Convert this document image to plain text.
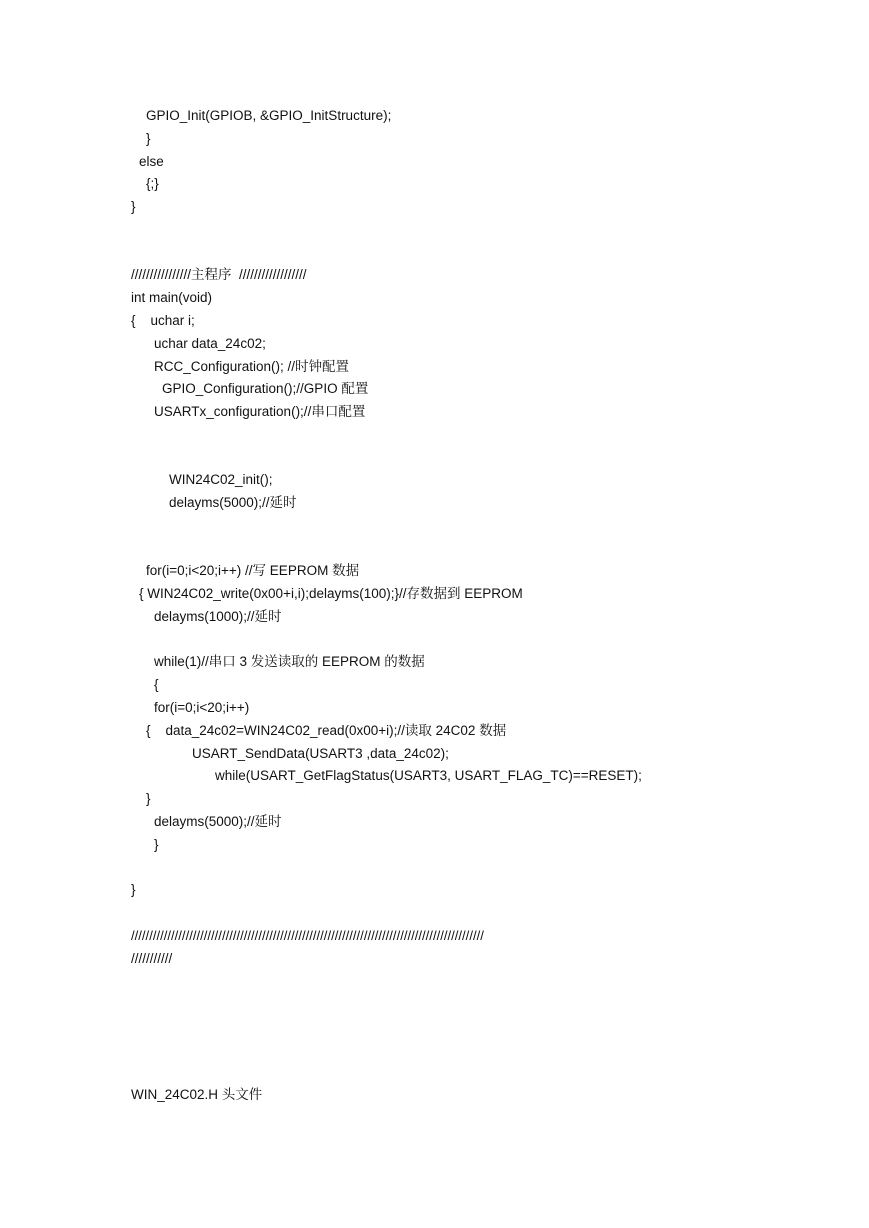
GPIO_Init(GPIOB, &GPIO_InitStructure);
}
else
{;}
}
////////////////主程序  //////////////////
int main(void)
{    uchar i;
uchar data_24c02;
RCC_Configuration(); //时钟配置
GPIO_Configuration();//GPIO 配置
USARTx_configuration();//串口配置
WIN24C02_init();
delayms(5000);//延时
for(i=0;i<20;i++) //写 EEPROM 数据
{ WIN24C02_write(0x00+i,i);delayms(100);}//存数据到 EEPROM
delayms(1000);//延时
while(1)//串口 3 发送读取的 EEPROM 的数据
{
for(i=0;i<20;i++)
{    data_24c02=WIN24C02_read(0x00+i);//读取 24C02 数据
USART_SendData(USART3 ,data_24c02);
while(USART_GetFlagStatus(USART3, USART_FLAG_TC)==RESET);
}
delayms(5000);//延时
}
}
/////////////////////////////////////////////////////////////////////////////////////////////////
///////////
WIN_24C02.H 头文件
